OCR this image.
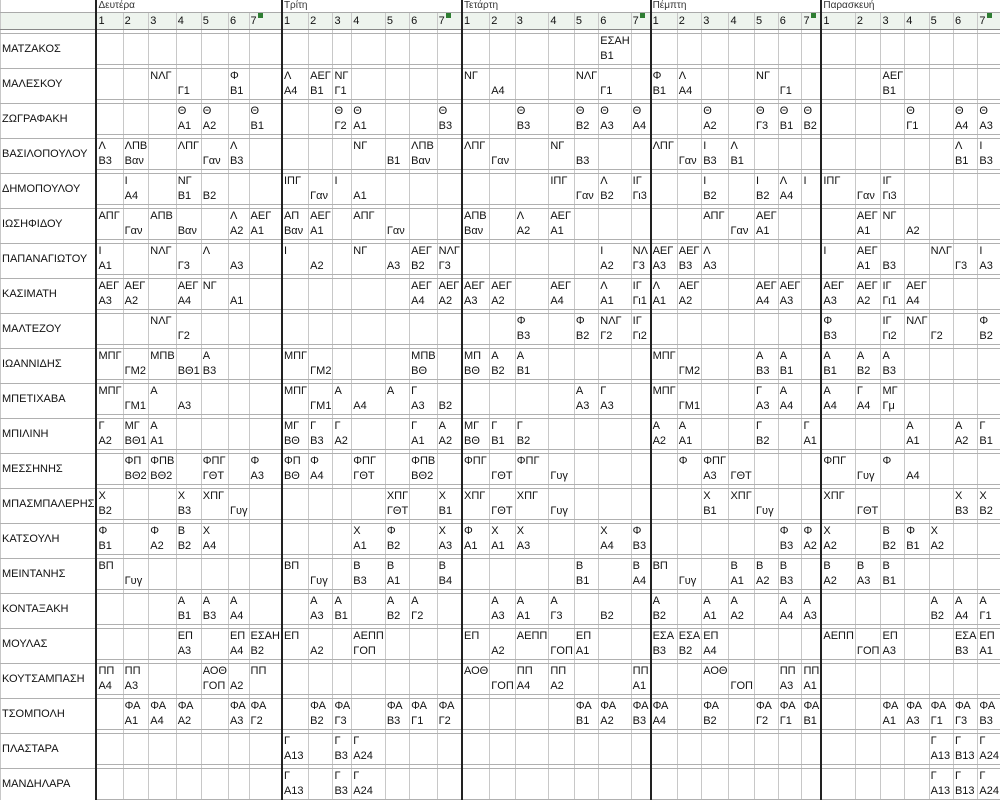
	Δευτέρα							Τρίτη							Τετάρτη							Πέμπτη							Παρασκευή						
	1	2	3	4	5	6	7	1	2	3	4	5	6	7	1	2	3	4	5	6	7	1	2	3	4	5	6	7	1	2	3	4	5	6	7

ΜΑΤΖΑΚΟΣ																				ΕΣΑΗ															
																				Β1															

ΜΑΛΕΣΚΟΥ			ΝΛΓ			Φ		Λ	ΑΕΓ	ΝΓ					ΝΓ				ΝΛΓ			Φ	Λ			ΝΓ					ΑΕΓ				
				Γ1		Β1		Α4	Β1	Γ1						Α4				Γ1		Β1	Α4				Γ1				Β1				

ΖΩΓΡΑΦΑΚΗ				Θ	Θ		Θ			Θ	Θ			Θ			Θ		Θ	Θ	Θ			Θ		Θ	Θ	Θ				Θ		Θ	Θ
				Α1	Α2		Β1			Γ2	Α1			Β3			Β3		Β2	Α3	Α4			Α2		Γ3	Β1	Β2				Γ1		Α4	Α3

ΒΑΣΙΛΟΠΟΥΛΟΥ	Λ	ΛΠΒ		ΛΠΓ		Λ					ΝΓ		ΛΠΒ		ΛΠΓ			ΝΓ				ΛΠΓ		Ι	Λ									Λ	Ι
	Β3	Βαν			Γαν	Β3						Β1	Βαν			Γαν			Β3				Γαν	Β3	Β1									Β1	Β3

ΔΗΜΟΠΟΥΛΟΥ		Ι		ΝΓ				ΙΠΓ		Ι								ΙΠΓ		Λ	ΙΓ			Ι		Ι	Λ	Ι	ΙΠΓ		ΙΓ				
		Α4		Β1	Β2				Γαν		Α1								Γαν	Β2	Γι3			Β2		Β2	Α4			Γαν	Γι3				

ΙΩΣΗΦΙΔΟΥ	ΑΠΓ		ΑΠΒ			Λ	ΑΕΓ	ΑΠ	ΑΕΓ		ΑΠΓ				ΑΠΒ		Λ	ΑΕΓ						ΑΠΓ		ΑΕΓ				ΑΕΓ	ΝΓ				
		Γαν		Βαν		Α2	Α1	Βαν	Α1			Γαν			Βαν		Α2	Α1							Γαν	Α1				Α1		Α2			

ΠΑΠΑΝΑΓΙΩΤΟΥ	Ι		ΝΛΓ		Λ			Ι			ΝΓ		ΑΕΓ	ΝΛΓ						Ι	ΝΛ	ΑΕΓ	ΑΕΓ	Λ					Ι	ΑΕΓ			ΝΛΓ		Ι
	Α1			Γ3		Α3			Α2			Α3	Β2	Γ3						Α2	Γ3	Α3	Β3	Α3						Α1	Β3			Γ3	Α3

ΚΑΣΙΜΑΤΗ	ΑΕΓ	ΑΕΓ		ΑΕΓ	ΝΓ								ΑΕΓ	ΑΕΓ	ΑΕΓ	ΑΕΓ		ΑΕΓ		Λ	ΙΓ	Λ	ΑΕΓ			ΑΕΓ	ΑΕΓ		ΑΕΓ	ΑΕΓ	ΙΓ	ΑΕΓ			
	Α3	Α2		Α4		Α1							Α4	Α2	Α3	Α2		Α4		Α1	Γι1	Α1	Α2			Α4	Α3		Α3	Α2	Γι1	Α4			

ΜΑΛΤΕΖΟΥ			ΝΛΓ														Φ		Φ	ΝΛΓ	ΙΓ								Φ		ΙΓ	ΝΛΓ			Φ
				Γ2													Β3		Β2	Γ2	Γι2								Β3		Γι2		Γ2		Β2

ΙΩΑΝΝΙΔΗΣ	ΜΠΓ		ΜΠΒ		Α			ΜΠΓ					ΜΠΒ		ΜΠ	Α	Α					ΜΠΓ				Α	Α		Α	Α	Α				
		ΓΜ2		ΒΘ1	Β3				ΓΜ2				ΒΘ		ΒΘ	Β2	Β1						ΓΜ2			Β3	Β1		Β1	Β2	Β3				

ΜΠΕΤΙΧΑΒΑ	ΜΠΓ		Α					ΜΠΓ		Α		Α	Γ						Α	Γ		ΜΠΓ				Γ	Α		Α	Γ	ΜΓ				
		ΓΜ1		Α3					ΓΜ1		Α4		Α3	Β2					Α3	Α3			ΓΜ1			Α3	Α4		Α4	Α4	Γμ				

ΜΠΙΛΙΝΗ	Γ	ΜΓ	Α					ΜΓ	Γ	Γ			Γ	Α	ΜΓ	Γ	Γ					Α	Α			Γ		Γ				Α		Α	Γ
	Α2	ΒΘ1	Α1					ΒΘ	Β3	Α2			Α1	Α2	ΒΘ	Β1	Β2					Α2	Α1			Β2		Α1				Α1		Α2	Β1

ΜΕΣΣΗΝΗΣ		ΦΠ	ΦΠΒ		ΦΠΓ		Φ	ΦΠ	Φ		ΦΠΓ		ΦΠΒ		ΦΠΓ		ΦΠΓ						Φ	ΦΠΓ					ΦΠΓ		Φ				
		ΒΘ2	ΒΘ2		ΓΘΤ		Α3	ΒΘ	Α4		ΓΘΤ		ΒΘ2			ΓΘΤ		Γυγ						Α3	ΓΘΤ					Γυγ		Α4			

ΜΠΑΣΜΠΑΛΕΡΗΣ	Χ			Χ	ΧΠΓ							ΧΠΓ		Χ	ΧΠΓ		ΧΠΓ							Χ	ΧΠΓ				ΧΠΓ					Χ	Χ
	Β2			Β3		Γυγ						ΓΘΤ		Β1		ΓΘΤ		Γυγ						Β1		Γυγ				ΓΘΤ				Β3	Β2

ΚΑΤΣΟΥΛΗ	Φ		Φ	Β	Χ						Χ	Φ		Χ	Φ	Χ	Χ			Χ	Φ						Φ	Φ	Χ		Β	Φ	Χ		
	Β1		Α2	Β2	Α4						Α1	Β2		Α3	Α1	Α1	Α3			Α4	Β3						Β3	Α2	Α2		Β2	Β1	Α2		

ΜΕΙΝΤΑΝΗΣ	ΒΠ							ΒΠ			Β	Β		Β					Β		Β	ΒΠ			Β	Β	Β		Β	Β	Β				
		Γυγ							Γυγ		Β3	Α1		Β4					Β1		Α4		Γυγ		Α1	Α2	Β3		Α2	Α3	Β1				

ΚΟΝΤΑΞΑΚΗ				Α	Α	Α			Α	Α		Α	Α			Α	Α	Α				Α		Α	Α		Α	Α					Α	Α	Α
				Β1	Β3	Α4			Α3	Β1		Β2	Γ2			Α3	Α1	Γ3		Β2		Β2		Α1	Α2		Α4	Α3					Β2	Α4	Γ1

ΜΟΥΛΑΣ				ΕΠ		ΕΠ	ΕΣΑΗ	ΕΠ			ΑΕΠΠ				ΕΠ		ΑΕΠΠ		ΕΠ			ΕΣΑ	ΕΣΑ	ΕΠ					ΑΕΠΠ		ΕΠ			ΕΣΑ	ΕΠ
				Α3		Α4	Β2		Α2		ΓΟΠ					Α2		ΓΟΠ	Α1			Β3	Β2	Α4						ΓΟΠ	Α3			Β3	Α1

ΚΟΥΤΣΑΜΠΑΣΗ	ΠΠ	ΠΠ			ΑΟΘ		ΠΠ								ΑΟΘ		ΠΠ	ΠΠ			ΠΠ			ΑΟΘ			ΠΠ	ΠΠ							
	Α4	Α3			ΓΟΠ	Α2										ΓΟΠ	Α4	Α2			Α1				ΓΟΠ		Α3	Α1							

ΤΣΟΜΠΟΛΗ		ΦΑ	ΦΑ	ΦΑ		ΦΑ	ΦΑ		ΦΑ	ΦΑ		ΦΑ	ΦΑ	ΦΑ					ΦΑ	ΦΑ	ΦΑ	ΦΑ		ΦΑ		ΦΑ	ΦΑ	ΦΑ			ΦΑ	ΦΑ	ΦΑ	ΦΑ	ΦΑ
		Α1	Α4	Α2		Α3	Γ2		Β2	Γ3		Β3	Γ1	Γ2					Β1	Α2	Β3	Α4		Β2		Γ2	Γ1	Β1			Α1	Α3	Γ1	Γ3	Β3

ΠΛΑΣΤΑΡΑ								Γ		Γ	Γ																						Γ	Γ	Γ
								Α13		Β3	Α24																						Α13	Β13	Α24

ΜΑΝΔΗΛΑΡΑ								Γ		Γ	Γ																						Γ	Γ	Γ
								Α13		Β3	Α24																						Α13	Β13	Α24
